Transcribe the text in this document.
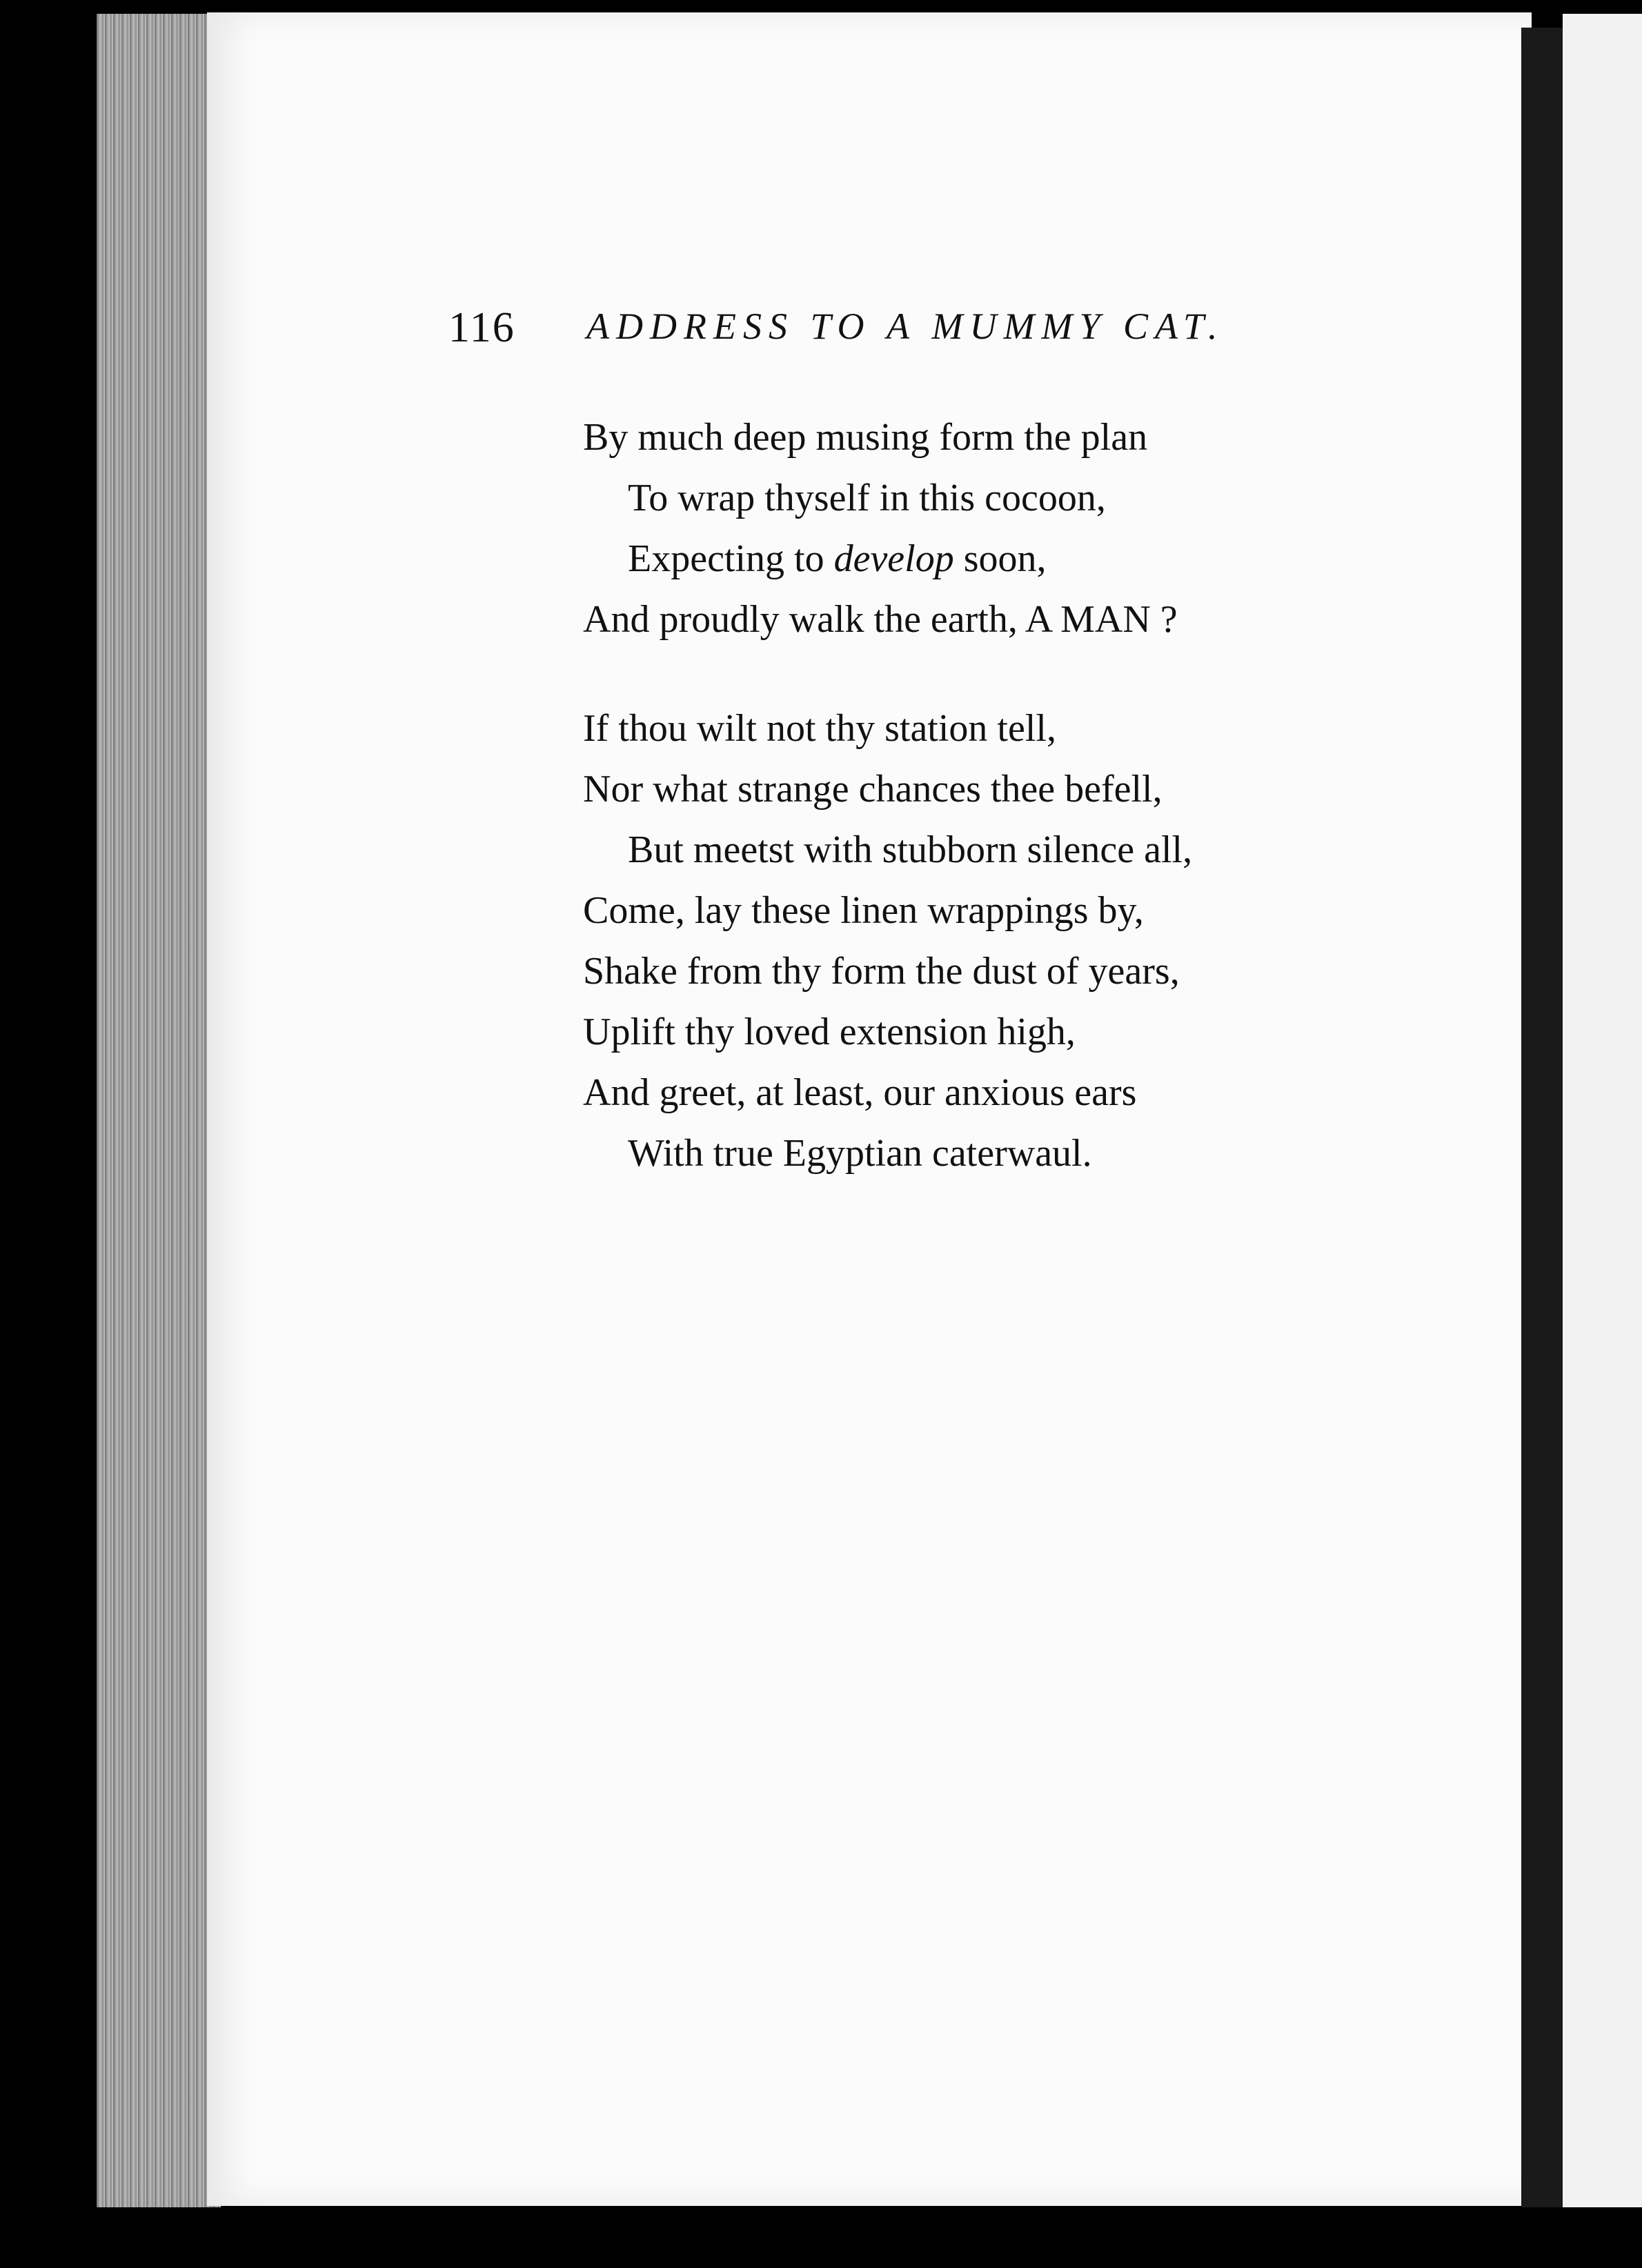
116 ADDRESS TO A MUMMY CAT.
By much deep musing form the plan
To wrap thyself in this cocoon,
Expecting to develop soon,
And proudly walk the earth, A MAN ?
If thou wilt not thy station tell,
Nor what strange chances thee befell,
But meetst with stubborn silence all,
Come, lay these linen wrappings by,
Shake from thy form the dust of years,
Uplift thy loved extension high,
And greet, at least, our anxious ears
With true Egyptian caterwaul.
